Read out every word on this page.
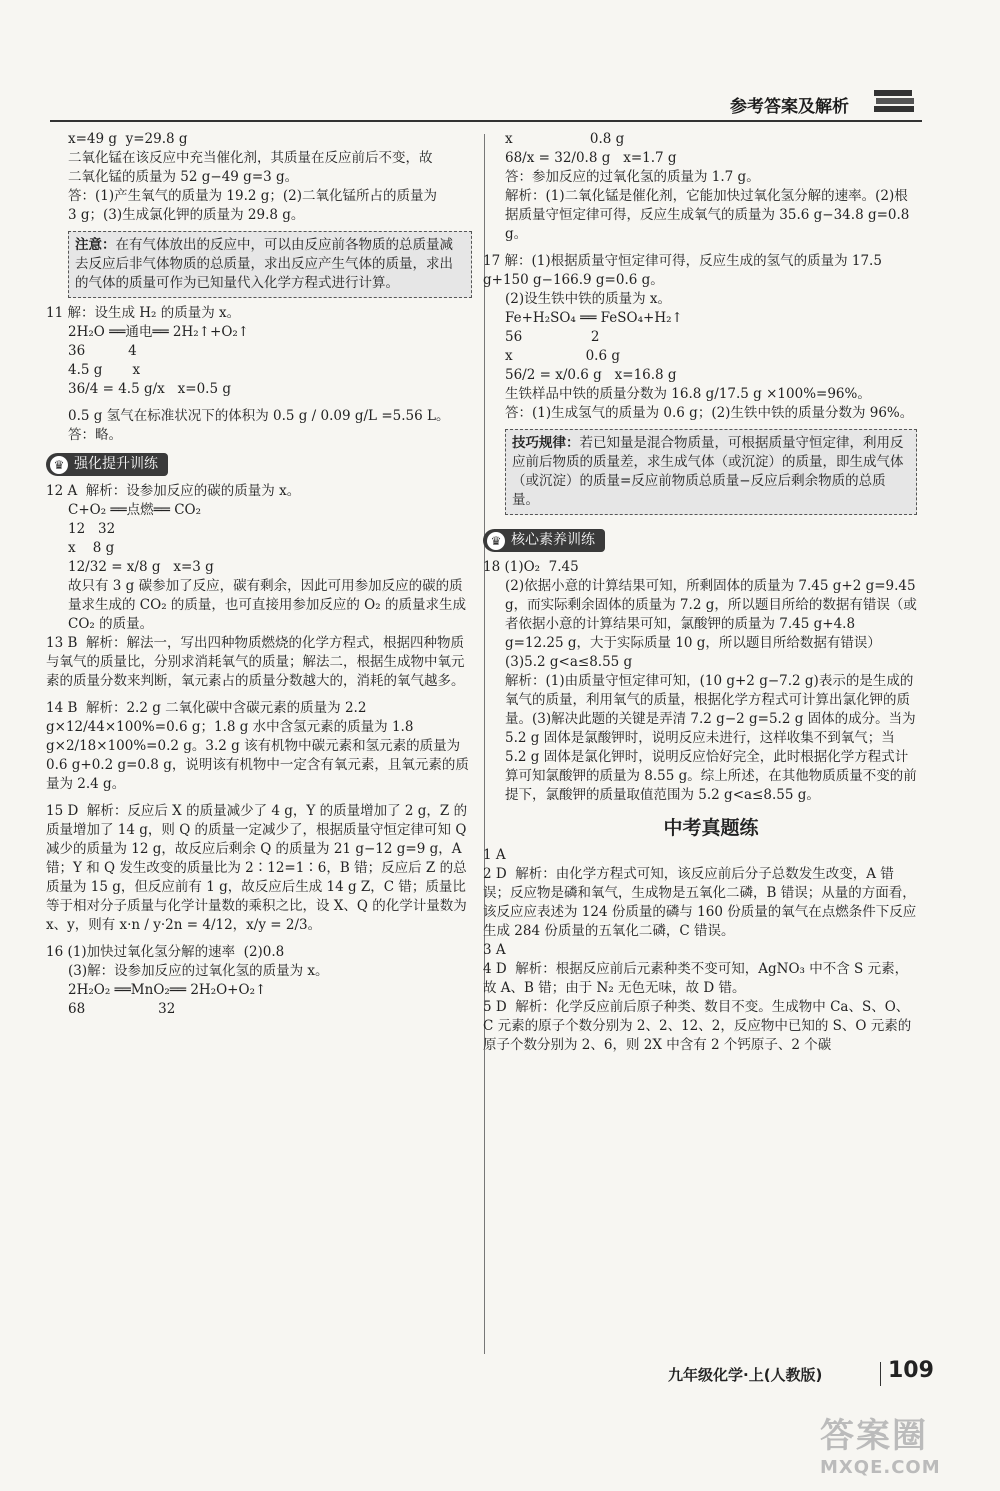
参考答案及解析

x=49 g  y=29.8 g

二氧化锰在该反应中充当催化剂，其质量在反应前后不变，故

二氧化锰的质量为 52 g−49 g=3 g。

答：(1)产生氧气的质量为 19.2 g；(2)二氧化锰所占的质量为

3 g；(3)生成氯化钾的质量为 29.8 g。

注意：在有气体放出的反应中，可以由反应前各物质的总质量减去反应后非气体物质的总质量，求出反应产生气体的质量，求出的气体的质量可作为已知量代入化学方程式进行计算。

11 解：设生成 H₂ 的质量为 x。

2H₂O ══通电══ 2H₂↑+O₂↑

36          4

4.5 g       x

36/4 = 4.5 g/x   x=0.5 g

0.5 g 氢气在标准状况下的体积为 0.5 g / 0.09 g/L =5.56 L。

答：略。

♛ 强化提升训练

12 A  解析：设参加反应的碳的质量为 x。

C+O₂ ══点燃══ CO₂

12   32

x    8 g

12/32 = x/8 g   x=3 g

故只有 3 g 碳参加了反应，碳有剩余，因此可用参加反应的碳的质量求生成的 CO₂ 的质量，也可直接用参加反应的 O₂ 的质量求生成 CO₂ 的质量。

13 B  解析：解法一，写出四种物质燃烧的化学方程式，根据四种物质与氧气的质量比，分别求消耗氧气的质量；解法二，根据生成物中氧元素的质量分数来判断，氧元素占的质量分数越大的，消耗的氧气越多。

14 B  解析：2.2 g 二氧化碳中含碳元素的质量为 2.2 g×12/44×100%=0.6 g；1.8 g 水中含氢元素的质量为 1.8 g×2/18×100%=0.2 g。3.2 g 该有机物中碳元素和氢元素的质量为0.6 g+0.2 g=0.8 g，说明该有机物中一定含有氧元素，且氧元素的质量为 2.4 g。

15 D  解析：反应后 X 的质量减少了 4 g，Y 的质量增加了 2 g，Z 的质量增加了 14 g，则 Q 的质量一定减少了，根据质量守恒定律可知 Q 减少的质量为 12 g，故反应后剩余 Q 的质量为 21 g−12 g=9 g，A 错；Y 和 Q 发生改变的质量比为 2∶12=1∶6，B 错；反应后 Z 的总质量为 15 g，但反应前有 1 g，故反应后生成 14 g Z，C 错；质量比等于相对分子质量与化学计量数的乘积之比，设 X、Q 的化学计量数为 x、y，则有 x·n / y·2n = 4/12，x/y = 2/3。

16 (1)加快过氧化氢分解的速率  (2)0.8

(3)解：设参加反应的过氧化氢的质量为 x。

2H₂O₂ ══MnO₂══ 2H₂O+O₂↑

68                 32

x                  0.8 g

68/x = 32/0.8 g   x=1.7 g

答：参加反应的过氧化氢的质量为 1.7 g。

解析：(1)二氧化锰是催化剂，它能加快过氧化氢分解的速率。(2)根据质量守恒定律可得，反应生成氧气的质量为 35.6 g−34.8 g=0.8 g。

17 解：(1)根据质量守恒定律可得，反应生成的氢气的质量为 17.5 g+150 g−166.9 g=0.6 g。

(2)设生铁中铁的质量为 x。

Fe+H₂SO₄ ══ FeSO₄+H₂↑

56                2

x                 0.6 g

56/2 = x/0.6 g   x=16.8 g

生铁样品中铁的质量分数为 16.8 g/17.5 g ×100%=96%。

答：(1)生成氢气的质量为 0.6 g；(2)生铁中铁的质量分数为 96%。

技巧规律：若已知量是混合物质量，可根据质量守恒定律，利用反应前后物质的质量差，求生成气体（或沉淀）的质量，即生成气体（或沉淀）的质量=反应前物质总质量−反应后剩余物质的总质量。
♛ 核心素养训练

18 (1)O₂  7.45

(2)依据小意的计算结果可知，所剩固体的质量为 7.45 g+2 g=9.45 g，而实际剩余固体的质量为 7.2 g，所以题目所给的数据有错误（或者依据小意的计算结果可知，氯酸钾的质量为 7.45 g+4.8 g=12.25 g，大于实际质量 10 g，所以题目所给数据有错误）

(3)5.2 g<a≤8.55 g

解析：(1)由质量守恒定律可知，(10 g+2 g−7.2 g)表示的是生成的氧气的质量，利用氧气的质量，根据化学方程式可计算出氯化钾的质量。(3)解决此题的关键是弄清 7.2 g−2 g=5.2 g 固体的成分。当为 5.2 g 固体是氯酸钾时，说明反应未进行，这样收集不到氧气；当 5.2 g 固体是氯化钾时，说明反应恰好完全，此时根据化学方程式计算可知氯酸钾的质量为 8.55 g。综上所述，在其他物质质量不变的前提下，氯酸钾的质量取值范围为 5.2 g<a≤8.55 g。

中考真题练

1 A

2 D  解析：由化学方程式可知，该反应前后分子总数发生改变，A 错误；反应物是磷和氧气，生成物是五氧化二磷，B 错误；从量的方面看，该反应应表述为 124 份质量的磷与 160 份质量的氧气在点燃条件下反应生成 284 份质量的五氧化二磷，C 错误。

3 A

4 D  解析：根据反应前后元素种类不变可知，AgNO₃ 中不含 S 元素，故 A、B 错；由于 N₂ 无色无味，故 D 错。

5 D  解析：化学反应前后原子种类、数目不变。生成物中 Ca、S、O、C 元素的原子个数分别为 2、2、12、2，反应物中已知的 S、O 元素的原子个数分别为 2、6，则 2X 中含有 2 个钙原子、2 个碳

九年级化学·上(人教版)	109
答案圈
MXQE.COM
